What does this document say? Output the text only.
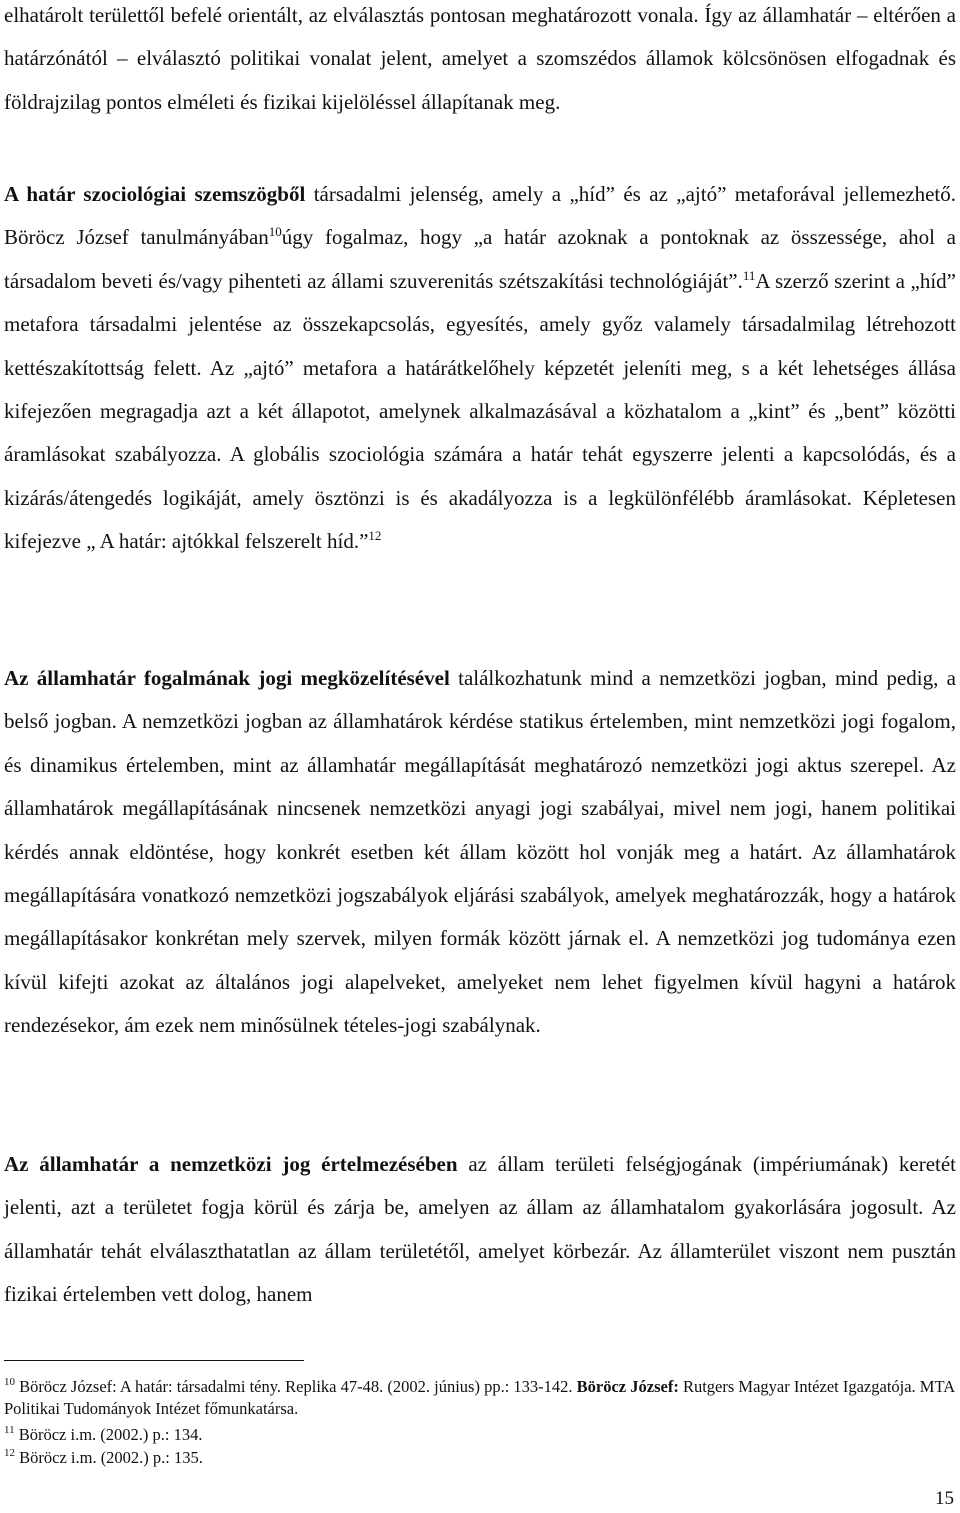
elhatárolt területtől befelé orientált, az elválasztás pontosan meghatározott vonala. Így az államhatár – eltérően a határzónától – elválasztó politikai vonalat jelent, amelyet a szomszédos államok kölcsönösen elfogadnak és földrajzilag pontos elméleti és fizikai kijelöléssel állapítanak meg.

A határ szociológiai szemszögből társadalmi jelenség, amely a „híd” és az „ajtó” metaforával jellemezhető. Böröcz József tanulmányában$^{10}$úgy fogalmaz, hogy „a határ azoknak a pontoknak az összessége, ahol a társadalom beveti és/vagy pihenteti az állami szuverenitás szétszakítási technológiáját”.$^{11}$A szerző szerint a „híd” metafora társadalmi jelentése az összekapcsolás, egyesítés, amely győz valamely társadalmilag létrehozott kettészakítottság felett. Az „ajtó” metafora a határátkelőhely képzetét jeleníti meg, s a két lehetséges állása kifejezően megragadja azt a két állapotot, amelynek alkalmazásával a közhatalom a „kint” és „bent” közötti áramlásokat szabályozza. A globális szociológia számára a határ tehát egyszerre jelenti a kapcsolódás, és a kizárás/átengedés logikáját, amely ösztönzi is és akadályozza is a legkülönfélébb áramlásokat. Képletesen kifejezve „ A határ: ajtókkal felszerelt híd.”$^{12}$

Az államhatár fogalmának jogi megközelítésével találkozhatunk mind a nemzetközi jogban, mind pedig, a belső jogban. A nemzetközi jogban az államhatárok kérdése statikus értelemben, mint nemzetközi jogi fogalom, és dinamikus értelemben, mint az államhatár megállapítását meghatározó nemzetközi jogi aktus szerepel. Az államhatárok megállapításának nincsenek nemzetközi anyagi jogi szabályai, mivel nem jogi, hanem politikai kérdés annak eldöntése, hogy konkrét esetben két állam között hol vonják meg a határt. Az államhatárok megállapítására vonatkozó nemzetközi jogszabályok eljárási szabályok, amelyek meghatározzák, hogy a határok megállapításakor konkrétan mely szervek, milyen formák között járnak el. A nemzetközi jog tudománya ezen kívül kifejti azokat az általános jogi alapelveket, amelyeket nem lehet figyelmen kívül hagyni a határok rendezésekor, ám ezek nem minősülnek tételes-jogi szabálynak.

Az államhatár a nemzetközi jog értelmezésében az állam területi felségjogának (impériumának) keretét jelenti, azt a területet fogja körül és zárja be, amelyen az állam az államhatalom gyakorlására jogosult. Az államhatár tehát elválaszthatatlan az állam területétől, amelyet körbezár. Az államterület viszont nem pusztán fizikai értelemben vett dolog, hanem

$^{10}$ Böröcz József: A határ: társadalmi tény. Replika 47-48. (2002. június) pp.: 133-142. Böröcz József: Rutgers Magyar Intézet Igazgatója. MTA Politikai Tudományok Intézet főmunkatársa.

$^{11}$ Böröcz i.m. (2002.) p.: 134.

$^{12}$ Böröcz i.m. (2002.) p.: 135.

15
